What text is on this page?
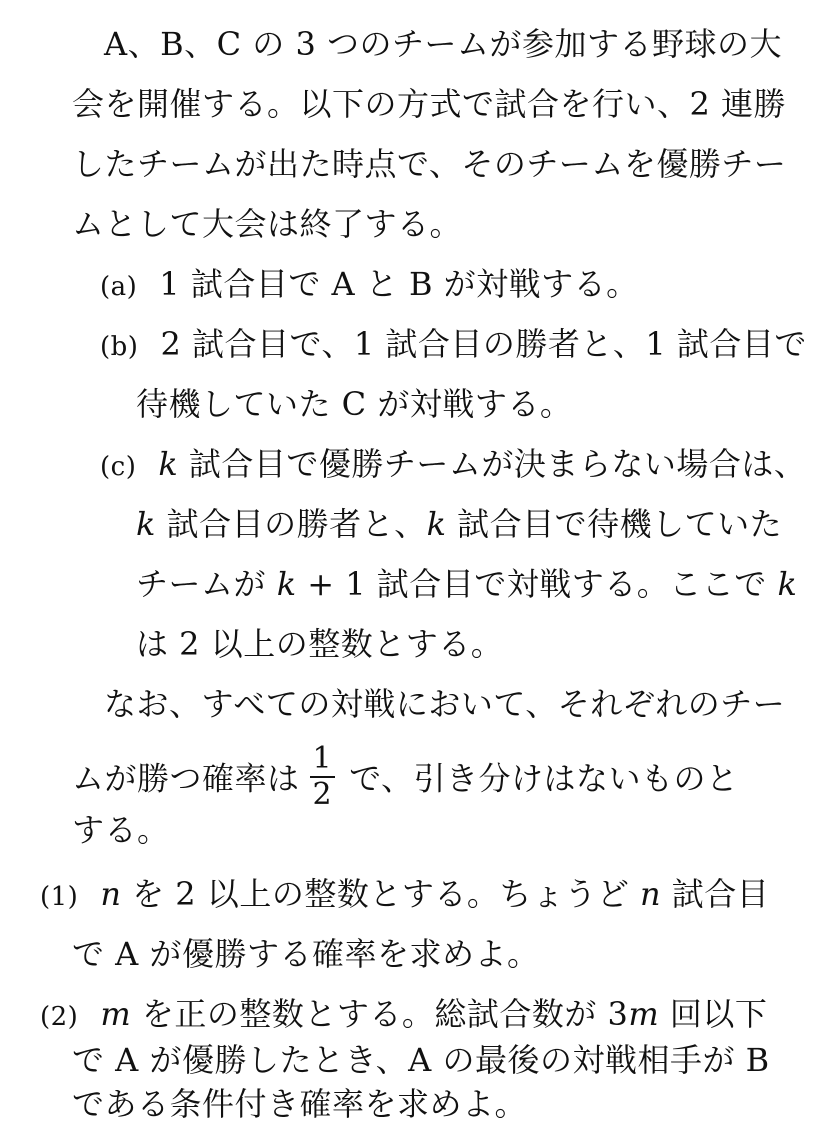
A、B、C の 3 つのチームが参加する野球の大
会を開催する。以下の方式で試合を行い、2 連勝
したチームが出た時点で、そのチームを優勝チー
ムとして大会は終了する。
(a) 1 試合目で A と B が対戦する。
(b) 2 試合目で、1 試合目の勝者と、1 試合目で
待機していた C が対戦する。
(c) k 試合目で優勝チームが決まらない場合は、
k 試合目の勝者と、k 試合目で待機していた
チームが k + 1 試合目で対戦する。ここで k
は 2 以上の整数とする。
なお、すべての対戦において、それぞれのチー
ムが勝つ確率は $\frac{1}{2}$ で、引き分けはないものと
する。
(1) n を 2 以上の整数とする。ちょうど n 試合目
で A が優勝する確率を求めよ。
(2) m を正の整数とする。総試合数が 3m 回以下
で A が優勝したとき、A の最後の対戦相手が B
である条件付き確率を求めよ。
